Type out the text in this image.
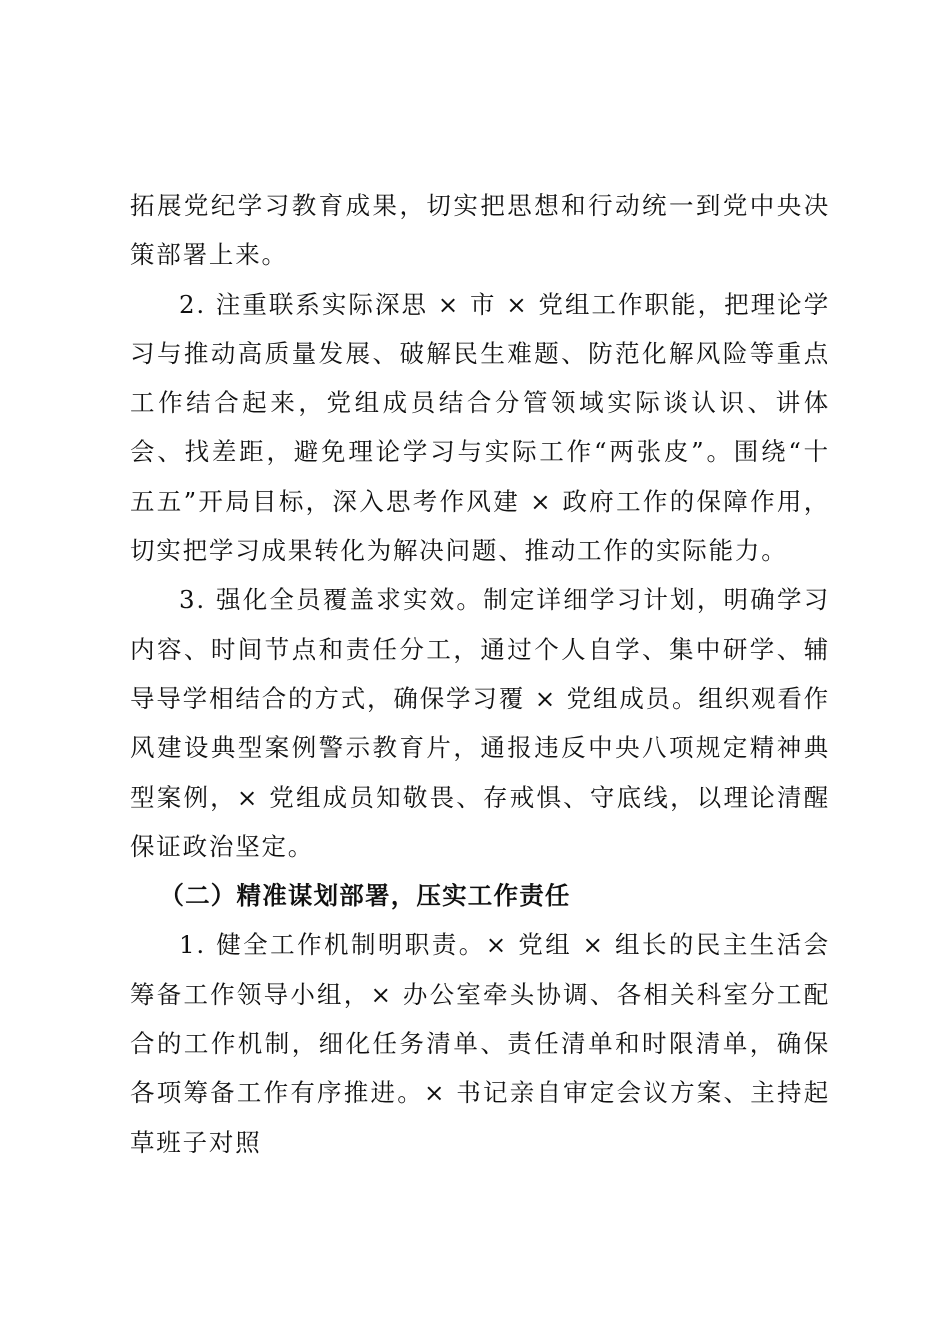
拓展党纪学习教育成果，切实把思想和行动统一到党中央决策部署上来。

2. 注重联系实际深思 × 市 × 党组工作职能，把理论学习与推动高质量发展、破解民生难题、防范化解风险等重点工作结合起来，党组成员结合分管领域实际谈认识、讲体会、找差距，避免理论学习与实际工作“两张皮”。围绕“十五五”开局目标，深入思考作风建 × 政府工作的保障作用，切实把学习成果转化为解决问题、推动工作的实际能力。

3. 强化全员覆盖求实效。制定详细学习计划，明确学习内容、时间节点和责任分工，通过个人自学、集中研学、辅导导学相结合的方式，确保学习覆 × 党组成员。组织观看作风建设典型案例警示教育片，通报违反中央八项规定精神典型案例，× 党组成员知敬畏、存戒惧、守底线，以理论清醒保证政治坚定。

（二）精准谋划部署，压实工作责任

1. 健全工作机制明职责。× 党组 × 组长的民主生活会筹备工作领导小组，× 办公室牵头协调、各相关科室分工配合的工作机制，细化任务清单、责任清单和时限清单，确保各项筹备工作有序推进。× 书记亲自审定会议方案、主持起草班子对照
